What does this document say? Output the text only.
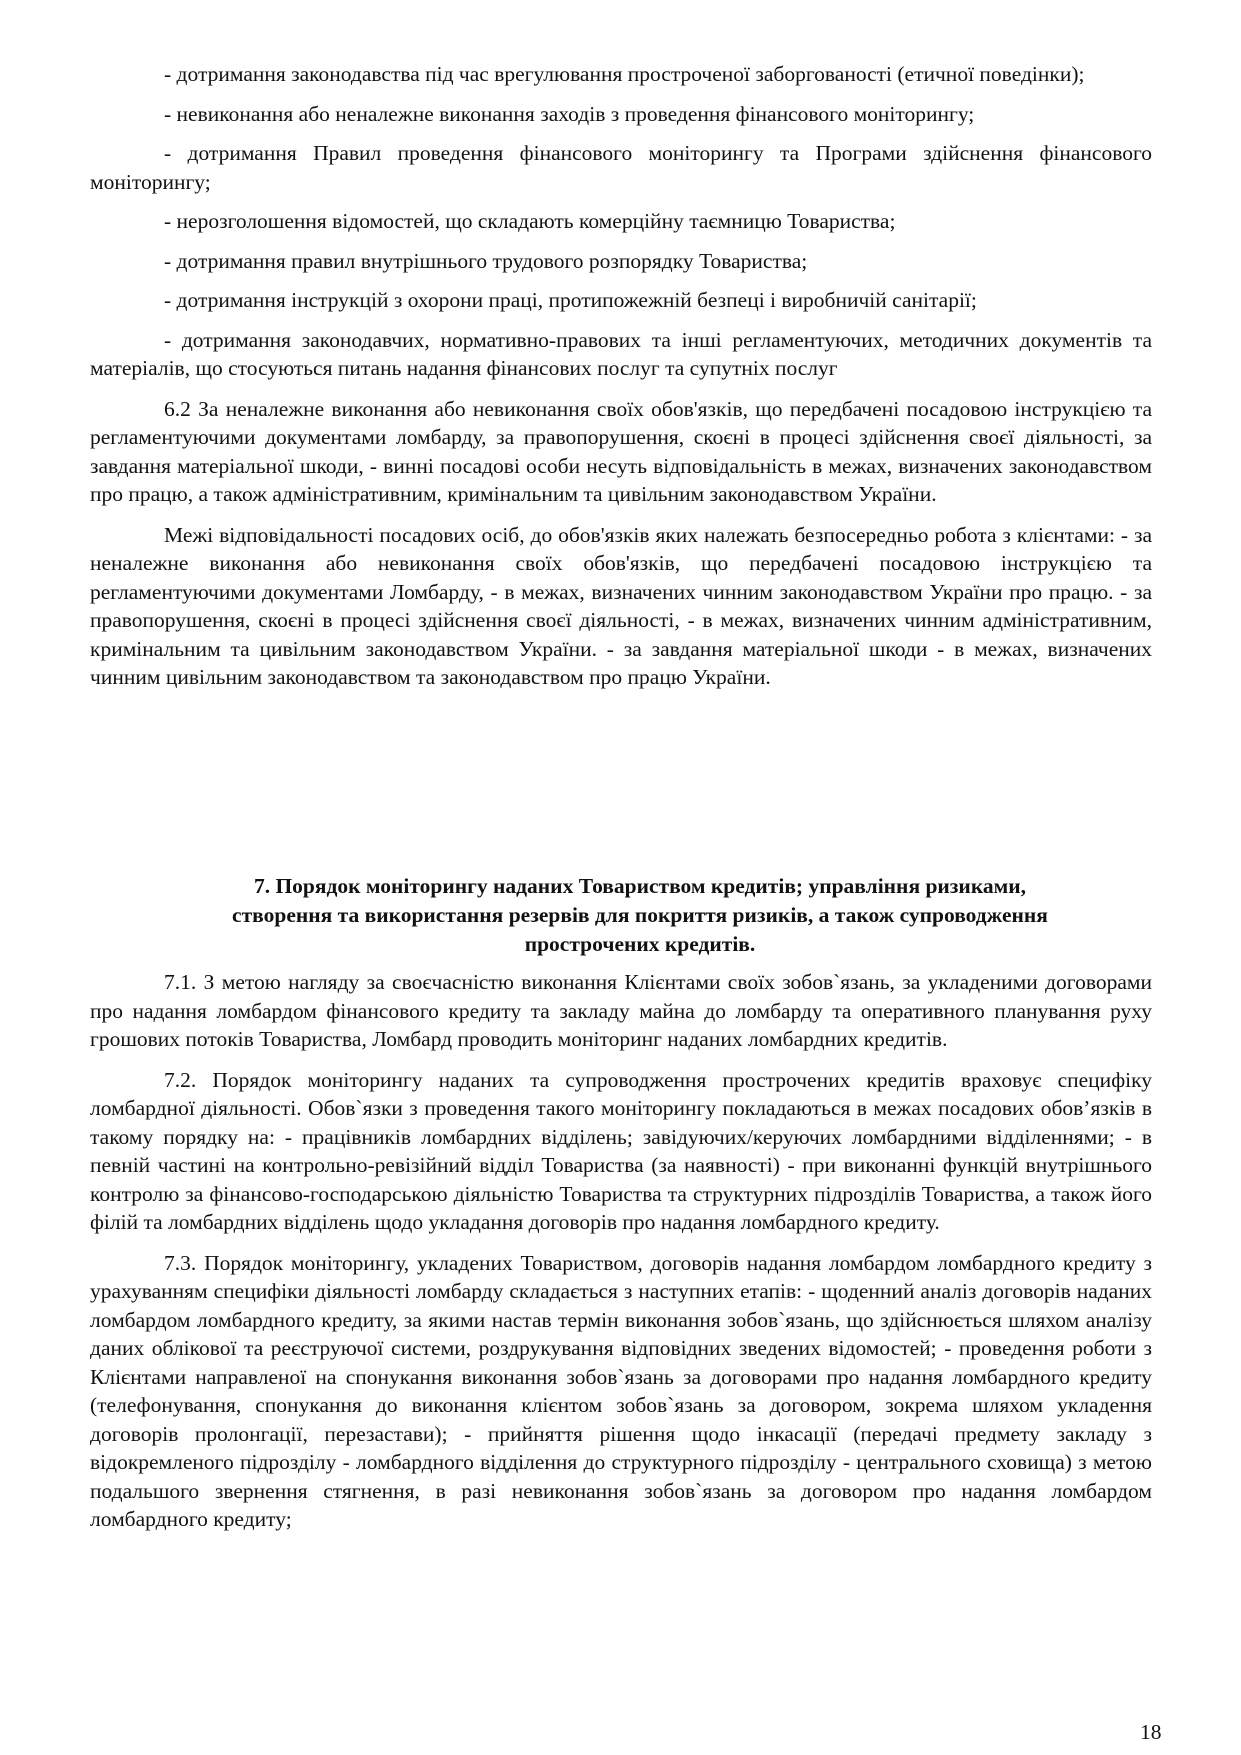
- дотримання законодавства під час врегулювання простроченої заборгованості (етичної поведінки);

- невиконання або неналежне виконання заходів з проведення фінансового моніторингу;

- дотримання Правил проведення фінансового моніторингу та Програми здійснення фінансового моніторингу;

- нерозголошення відомостей, що складають комерційну таємницю Товариства;

- дотримання правил внутрішнього трудового розпорядку Товариства;

- дотримання інструкцій з охорони праці, протипожежній безпеці і виробничій санітарії;

- дотримання законодавчих, нормативно-правових та інші регламентуючих, методичних документів та матеріалів, що стосуються питань надання фінансових послуг та супутніх послуг

6.2 За неналежне виконання або невиконання своїх обов'язків, що передбачені посадовою інструкцією та регламентуючими документами ломбарду, за правопорушення, скоєні в процесі здійснення своєї діяльності, за завдання матеріальної шкоди, - винні посадові особи несуть відповідальність в межах, визначених законодавством про працю, а також адміністративним, кримінальним та цивільним законодавством України.

Межі відповідальності посадових осіб, до обов'язків яких належать безпосередньо робота з клієнтами: - за неналежне виконання або невиконання своїх обов'язків, що передбачені посадовою інструкцією та регламентуючими документами Ломбарду, - в межах, визначених чинним законодавством України про працю. - за правопорушення, скоєні в процесі здійснення своєї діяльності, - в межах, визначених чинним адміністративним, кримінальним та цивільним законодавством України. - за завдання матеріальної шкоди - в межах, визначених чинним цивільним законодавством та законодавством про працю України.

7. Порядок моніторингу наданих Товариством кредитів; управління ризиками,
створення та використання резервів для покриття ризиків, а також супроводження
прострочених кредитів.

7.1. З метою нагляду за своєчасністю виконання Клієнтами своїх зобов`язань, за укладеними договорами про надання ломбардом фінансового кредиту та закладу майна до ломбарду та оперативного планування руху грошових потоків Товариства, Ломбард проводить моніторинг наданих ломбардних кредитів.

7.2. Порядок моніторингу наданих та супроводження прострочених кредитів враховує специфіку ломбардної діяльності. Обов`язки з проведення такого моніторингу покладаються в межах посадових обов’язків в такому порядку на: - працівників ломбардних відділень; завідуючих/керуючих ломбардними відділеннями; - в певній частині на контрольно-ревізійний відділ Товариства (за наявності) - при виконанні функцій внутрішнього контролю за фінансово-господарською діяльністю Товариства та структурних підрозділів Товариства, а також його філій та ломбардних відділень щодо укладання договорів про надання ломбардного кредиту.

7.3. Порядок моніторингу, укладених Товариством, договорів надання ломбардом ломбардного кредиту з урахуванням специфіки діяльності ломбарду складається з наступних етапів: - щоденний аналіз договорів наданих ломбардом ломбардного кредиту, за якими настав термін виконання зобов`язань, що здійснюється шляхом аналізу даних облікової та реєструючої системи, роздрукування відповідних зведених відомостей; - проведення роботи з Клієнтами направленої на спонукання виконання зобов`язань за договорами про надання ломбардного кредиту (телефонування, спонукання до виконання клієнтом зобов`язань за договором, зокрема шляхом укладення договорів пролонгації, перезастави); - прийняття рішення щодо інкасації (передачі предмету закладу з відокремленого підрозділу - ломбардного відділення до структурного підрозділу - центрального сховища) з метою подальшого звернення стягнення, в разі невиконання зобов`язань за договором про надання ломбардом ломбардного кредиту;

18
